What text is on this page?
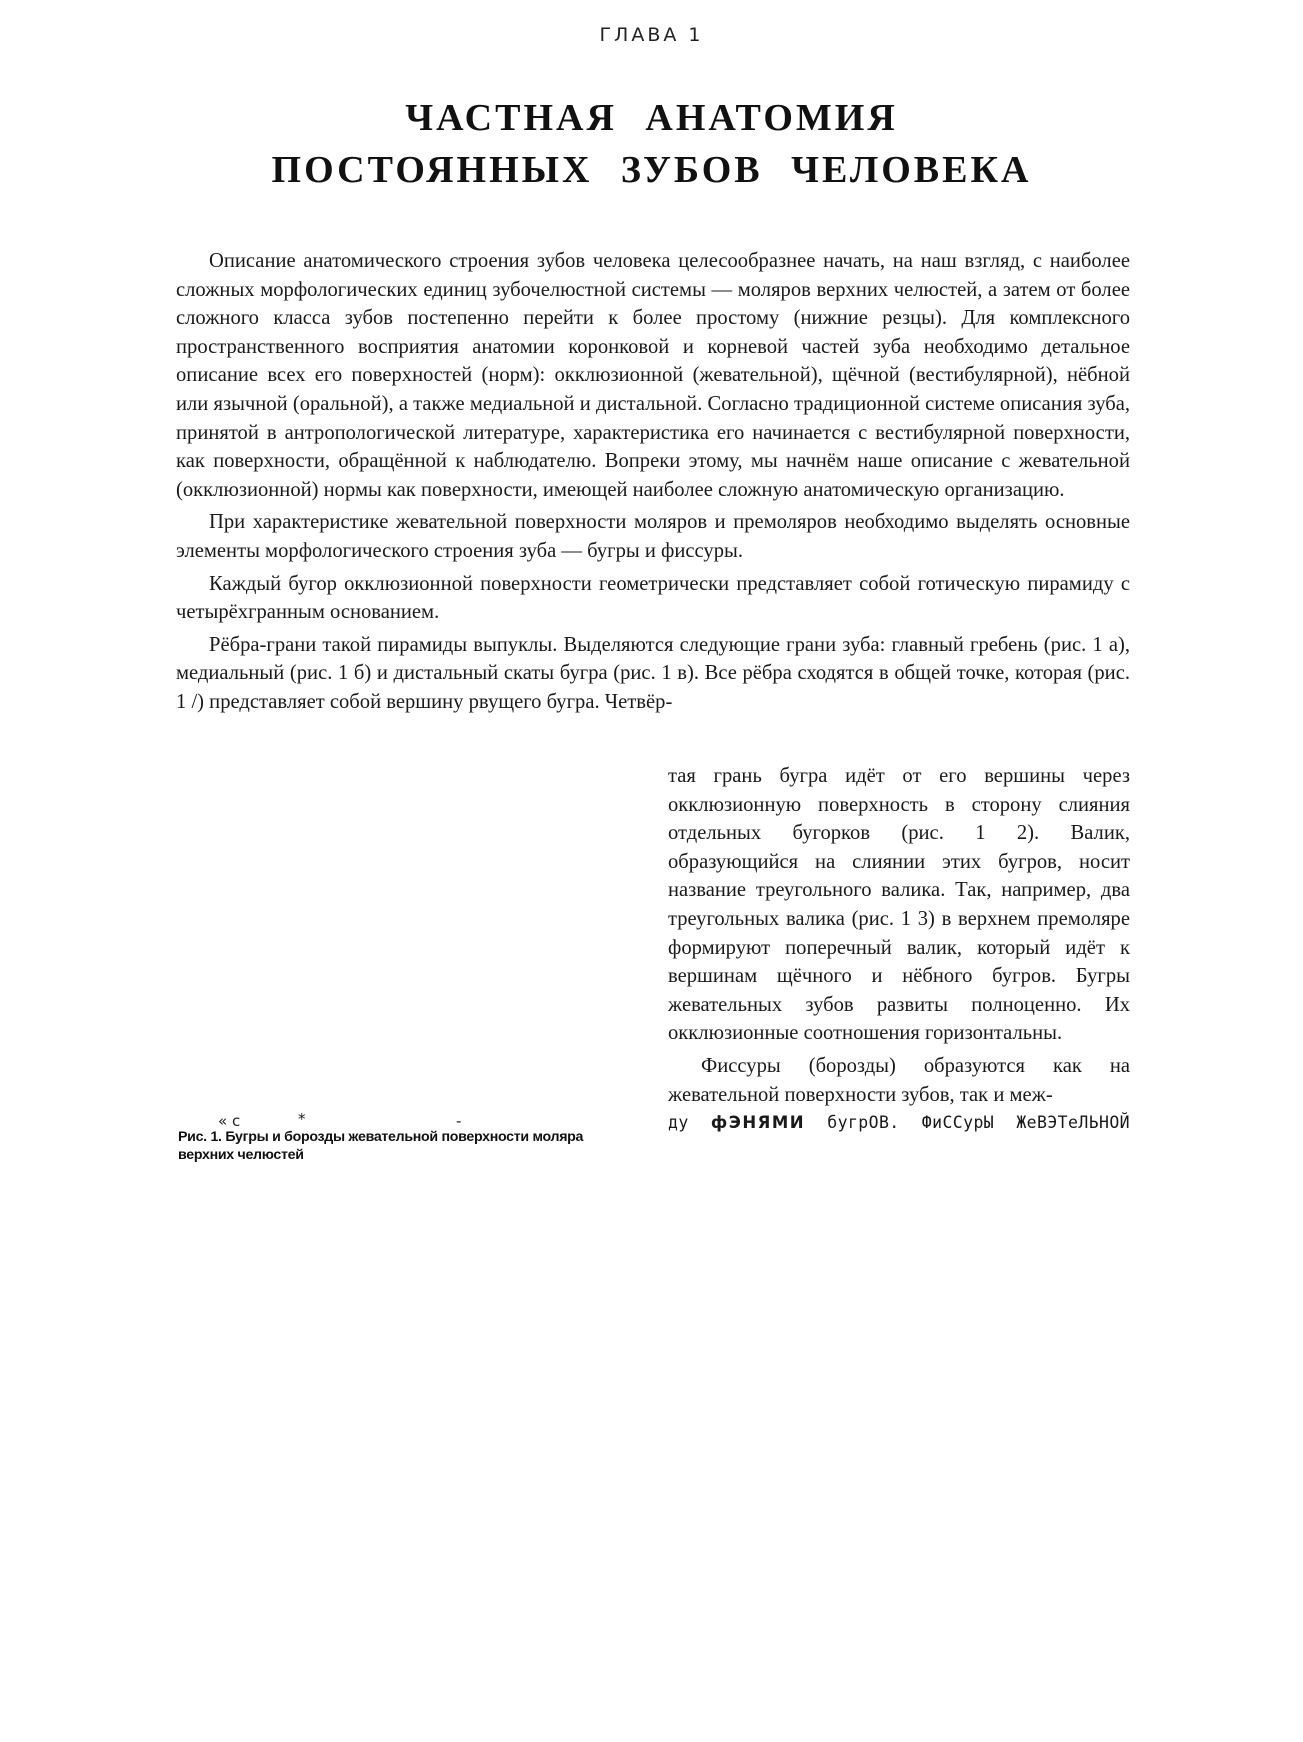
ГЛАВА 1
ЧАСТНАЯ АНАТОМИЯ
ПОСТОЯННЫХ ЗУБОВ ЧЕЛОВЕКА

Описание анатомического строения зубов человека целесообразнее начать, на наш взгляд, с наиболее сложных морфологических единиц зубочелюстной системы — моляров верхних челюстей, а затем от более сложного класса зубов постепенно перейти к более простому (нижние резцы). Для комплексного пространственного восприятия анатомии коронковой и корневой частей зуба необходимо детальное описание всех его поверхностей (норм): окклюзионной (жевательной), щёчной (вестибулярной), нёбной или язычной (оральной), а также медиальной и дистальной. Согласно традиционной системе описания зуба, принятой в антропологической литературе, характеристика его начинается с вестибулярной поверхности, как поверхности, обращённой к наблюдателю. Вопреки этому, мы начнём наше описание с жевательной (окклюзионной) нормы как поверхности, имеющей наиболее сложную анатомическую организацию.

При характеристике жевательной поверхности моляров и премоляров необходимо выделять основные элементы морфологического строения зуба — бугры и фиссуры.

Каждый бугор окклюзионной поверхности геометрически представляет собой готическую пирамиду с четырёхгранным основанием.

Рёбра-грани такой пирамиды выпуклы. Выделяются следующие грани зуба: главный гребень (рис. 1 а), медиальный (рис. 1 б) и дистальный скаты бугра (рис. 1 в). Все рёбра сходятся в общей точке, которая (рис. 1 /) представляет собой вершину рвущего бугра. Четвёр-

« с	*	-
Рис. 1. Бугры и борозды жевательной поверхности моляра верхних челюстей

тая грань бугра идёт от его вершины через окклюзионную поверхность в сторону слияния отдельных бугорков (рис. 1 2). Валик, образующийся на слиянии этих бугров, носит название треугольного валика. Так, например, два треугольных валика (рис. 1 3) в верхнем премоляре формируют поперечный валик, который идёт к вершинам щёчного и нёбного бугров. Бугры жевательных зубов развиты полноценно. Их окклюзионные соотношения горизонтальны.

Фиссуры (борозды) образуются как на жевательной поверхности зубов, так и меж-

ду фЭНЯМИ бугрОВ. ФиССурЫ ЖеВЭТеЛЬНОЙ
